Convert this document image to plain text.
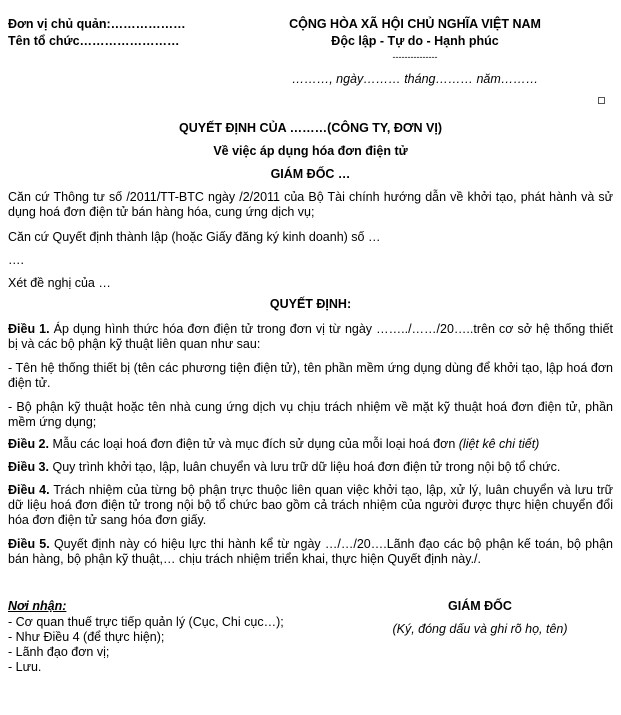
Đơn vị chủ quản:………………
Tên tổ chức……………………
CỘNG HÒA XÃ HỘI CHỦ NGHĨA VIỆT NAM
Độc lập - Tự do - Hạnh phúc
---------------
………, ngày……… tháng……… năm………
QUYẾT ĐỊNH CỦA ………(CÔNG TY, ĐƠN VỊ)
Về việc áp dụng hóa đơn điện tử
GIÁM ĐỐC …
Căn cứ Thông tư số /2011/TT-BTC ngày /2/2011 của Bộ Tài chính hướng dẫn về khởi tạo, phát hành và sử dụng hoá đơn điện tử bán hàng hóa, cung ứng dịch vụ;
Căn cứ Quyết định thành lập (hoặc Giấy đăng ký kinh doanh) số …
….
Xét đề nghị của …
QUYẾT ĐỊNH:
Điều 1. Áp dụng hình thức hóa đơn điện tử trong đơn vị từ ngày ……../……/20…..trên cơ sở hệ thống thiết bị và các bộ phận kỹ thuật liên quan như sau:
- Tên hệ thống thiết bị (tên các phương tiện điện tử), tên phần mềm ứng dụng dùng để khởi tạo, lập hoá đơn điện tử.
- Bộ phận kỹ thuật hoặc tên nhà cung ứng dịch vụ chịu trách nhiệm về mặt kỹ thuật hoá đơn điện tử, phần mềm ứng dụng;
Điều 2. Mẫu các loại hoá đơn điện tử và mục đích sử dụng của mỗi loại hoá đơn (liệt kê chi tiết)
Điều 3. Quy trình khởi tạo, lập, luân chuyển và lưu trữ dữ liệu hoá đơn điện tử trong nội bộ tổ chức.
Điều 4. Trách nhiệm của từng bộ phận trực thuộc liên quan việc khởi tạo, lập, xử lý, luân chuyển và lưu trữ dữ liệu hoá đơn điện tử trong nội bộ tổ chức bao gồm cả trách nhiệm của người được thực hiện chuyển đổi hóa đơn điện tử sang hóa đơn giấy.
Điều 5. Quyết định này có hiệu lực thi hành kể từ ngày …/…/20….Lãnh đạo các bộ phận kế toán, bộ phận bán hàng, bộ phận kỹ thuật,… chịu trách nhiệm triển khai, thực hiện Quyết định này./.
Nơi nhận:
- Cơ quan thuế trực tiếp quản lý (Cục, Chi cục…);
- Như Điều 4 (để thực hiện);
- Lãnh đạo đơn vị;
- Lưu.
GIÁM ĐỐC
(Ký, đóng dấu và ghi rõ họ, tên)
